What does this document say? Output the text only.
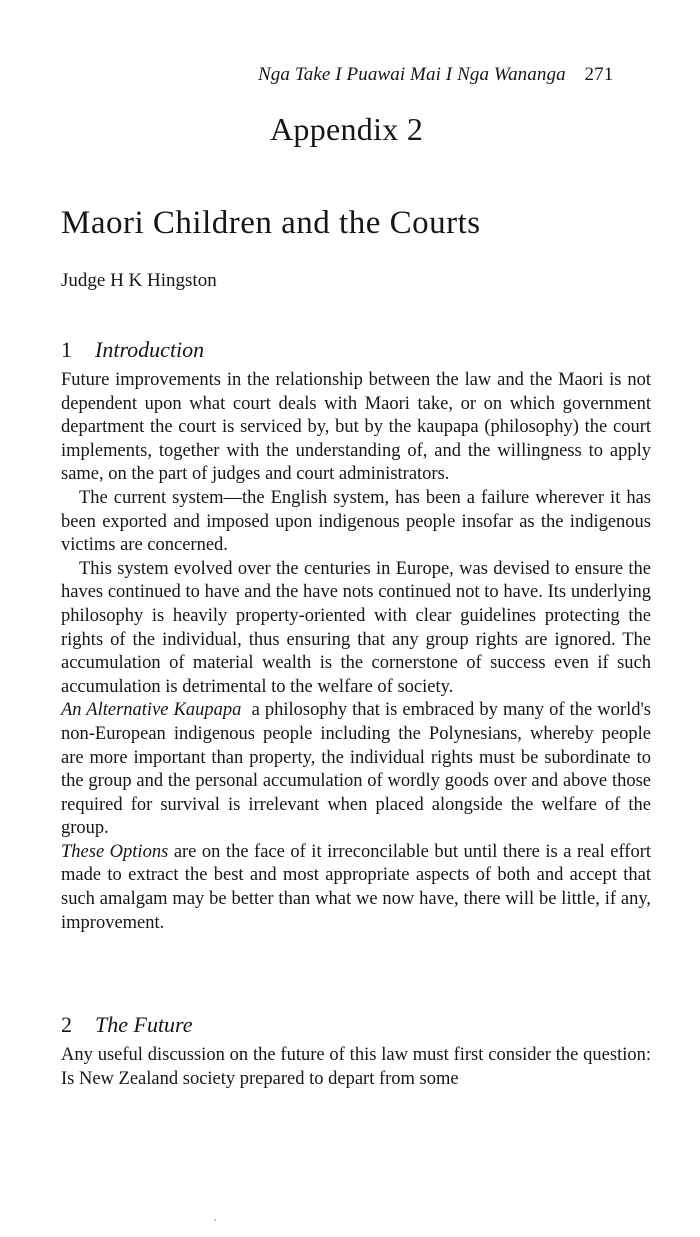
Nga Take I Puawai Mai I Nga Wananga 271
Appendix 2
Maori Children and the Courts
Judge H K Hingston
1 Introduction

Future improvements in the relationship between the law and the Maori is not dependent upon what court deals with Maori take, or on which government department the court is serviced by, but by the kaupapa (philosophy) the court implements, together with the understanding of, and the willingness to apply same, on the part of judges and court administrators.

The current system—the English system, has been a failure wherever it has been exported and imposed upon indigenous people insofar as the indigenous victims are concerned.

This system evolved over the centuries in Europe, was devised to ensure the haves continued to have and the have nots continued not to have. Its underlying philosophy is heavily property-oriented with clear guidelines protecting the rights of the individual, thus ensuring that any group rights are ignored. The accumulation of material wealth is the cornerstone of success even if such accumulation is detrimental to the welfare of society.

An Alternative Kaupapa a philosophy that is embraced by many of the world's non-European indigenous people including the Polynesians, whereby people are more important than property, the individual rights must be subordinate to the group and the personal accumulation of wordly goods over and above those required for survival is irrelevant when placed alongside the welfare of the group.

These Options are on the face of it irreconcilable but until there is a real effort made to extract the best and most appropriate aspects of both and accept that such amalgam may be better than what we now have, there will be little, if any, improvement.

2 The Future

Any useful discussion on the future of this law must first consider the question: Is New Zealand society prepared to depart from some
